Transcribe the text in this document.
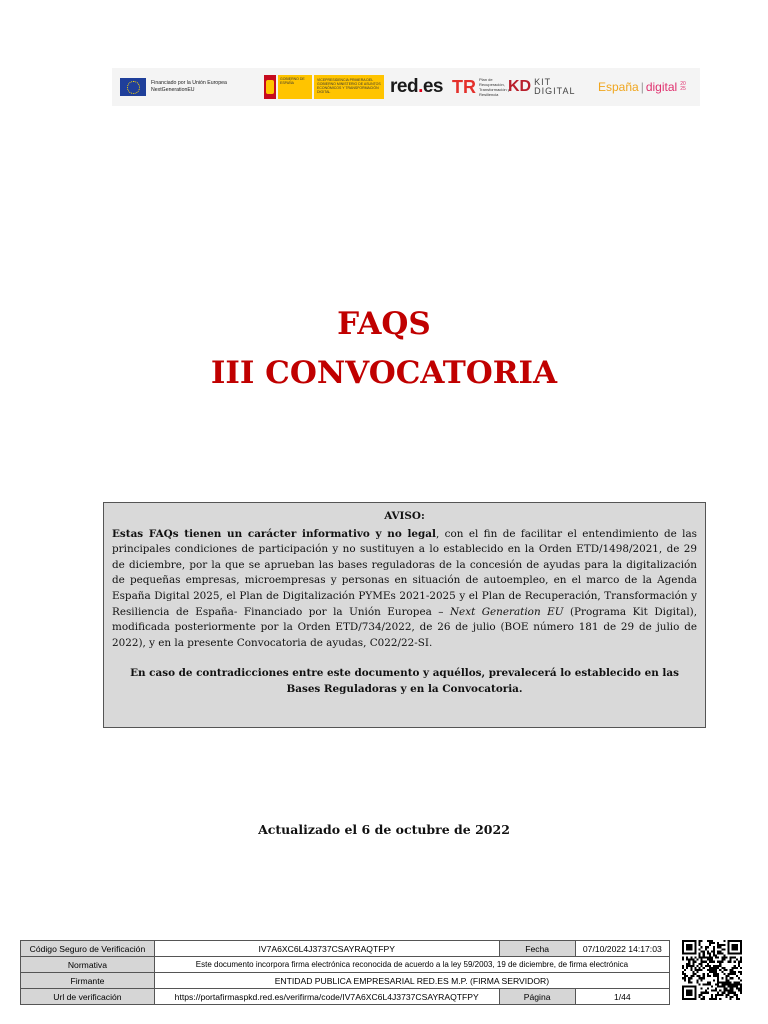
Financiado por la Unión Europea
NextGenerationEU
GOBIERNO DE ESPAÑA
VICEPRESIDENCIA PRIMERA DEL GOBIERNO MINISTERIO DE ASUNTOS ECONÓMICOS Y TRANSFORMACIÓN DIGITAL	red.es TR Plan de Recuperación, Transformación y Resiliencia KD KIT
DIGITAL España | digital 20
25
FAQS
III CONVOCATORIA
AVISO:

Estas FAQs tienen un carácter informativo y no legal, con el fin de facilitar el entendimiento de las principales condiciones de participación y no sustituyen a lo establecido en la Orden ETD/1498/2021, de 29 de diciembre, por la que se aprueban las bases reguladoras de la concesión de ayudas para la digitalización de pequeñas empresas, microempresas y personas en situación de autoempleo, en el marco de la Agenda España Digital 2025, el Plan de Digitalización PYMEs 2021-2025 y el Plan de Recuperación, Transformación y Resiliencia de España- Financiado por la Unión Europea – Next Generation EU (Programa Kit Digital), modificada posteriormente por la Orden ETD/734/2022, de 26 de julio (BOE número 181 de 29 de julio de 2022), y en la presente Convocatoria de ayudas, C022/22-SI.

En caso de contradicciones entre este documento y aquéllos, prevalecerá lo establecido en las Bases Reguladoras y en la Convocatoria.

Actualizado el 6 de octubre de 2022
Código Seguro de Verificación	IV7A6XC6L4J3737CSAYRAQTFPY	Fecha	07/10/2022 14:17:03
Normativa	Este documento incorpora firma electrónica reconocida de acuerdo a la ley 59/2003, 19 de diciembre, de firma electrónica		
Firmante	ENTIDAD PUBLICA EMPRESARIAL RED.ES M.P. (FIRMA SERVIDOR)		
Url de verificación	https://portafirmaspkd.red.es/verifirma/code/IV7A6XC6L4J3737CSAYRAQTFPY	Página	1/44
